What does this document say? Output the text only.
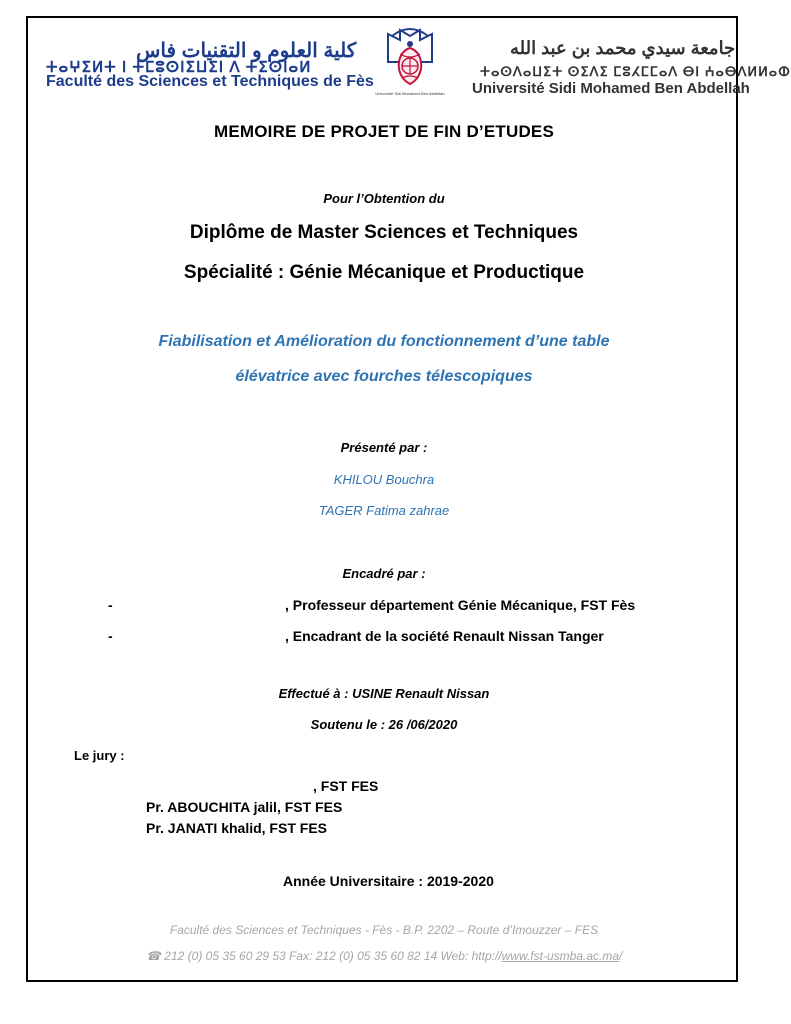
كلية العلوم و التقنيات فاس
ⵜⴰⵖⵉⵍⵜ ⵏ ⵜⵎⵓⵙⵏⵉⵡⵉⵏ ⴷ ⵜⵉⵙⵏⴰⵍ
Faculté des Sciences et Techniques de Fès
Université Sidi Mohamed Ben Abdellah
جامعة سيدي محمد بن عبد الله
ⵜⴰⵙⴷⴰⵡⵉⵜ ⵙⵉⴷⵉ ⵎⵓⵃⵎⵎⴰⴷ ⴱⵏ ⵄⴰⴱⴷⵍⵍⴰⵀ
Université Sidi Mohamed Ben Abdellah
MEMOIRE DE PROJET DE FIN D’ETUDES
Pour l’Obtention du
Diplôme de Master Sciences et Techniques
Spécialité : Génie Mécanique et Productique
Fiabilisation et Amélioration du fonctionnement d’une table
élévatrice avec fourches télescopiques
Présenté par :
KHILOU Bouchra
TAGER Fatima zahrae
Encadré par :
-	, Professeur département Génie Mécanique, FST Fès
-	, Encadrant de la société Renault Nissan Tanger
Effectué à : USINE Renault Nissan
Soutenu le : 26 /06/2020
Le jury :
, FST FES
Pr. ABOUCHITA jalil, FST FES
Pr. JANATI khalid, FST FES
Année Universitaire : 2019-2020
Faculté des Sciences et Techniques - Fès - B.P. 2202 – Route d’Imouzzer – FES
☎ 212 (0) 05 35 60 29 53 Fax: 212 (0) 05 35 60 82 14 Web: http://www.fst-usmba.ac.ma/
